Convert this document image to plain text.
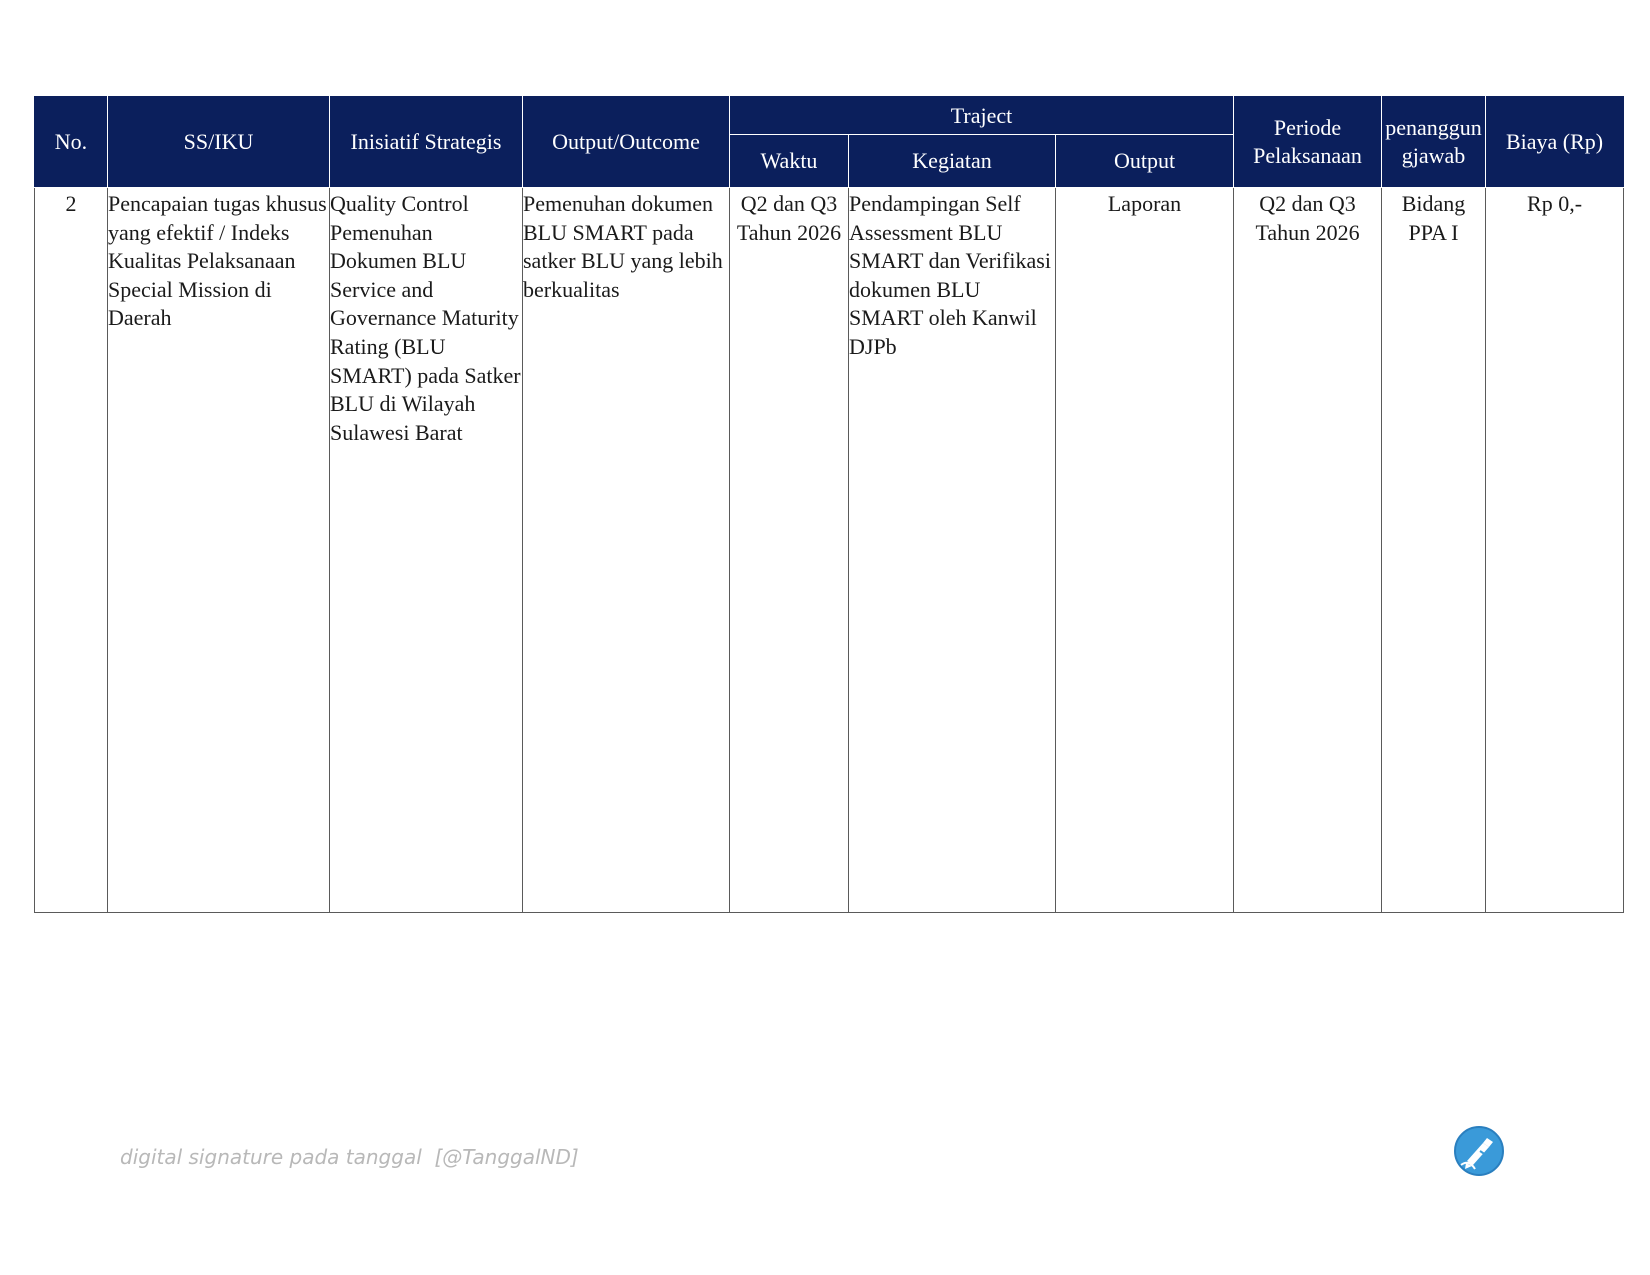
No.	SS/IKU	Inisiatif Strategis	Output/Outcome	Traject			Periode Pelaksanaan	penanggungjawab	Biaya (Rp)
				Waktu	Kegiatan	Output			
2	Pencapaian tugas khusus yang efektif / Indeks Kualitas Pelaksanaan Special Mission di Daerah	Quality Control Pemenuhan Dokumen BLU Service and Governance Maturity Rating (BLU SMART) pada Satker BLU di Wilayah Sulawesi Barat	Pemenuhan dokumen BLU SMART pada satker BLU yang lebih berkualitas	Q2 dan Q3 Tahun 2026	Pendampingan Self Assessment BLU SMART dan Verifikasi dokumen BLU SMART oleh Kanwil DJPb	Laporan	Q2 dan Q3 Tahun 2026	Bidang PPA I	Rp 0,-
digital signature pada tanggal  [@TanggalND]
